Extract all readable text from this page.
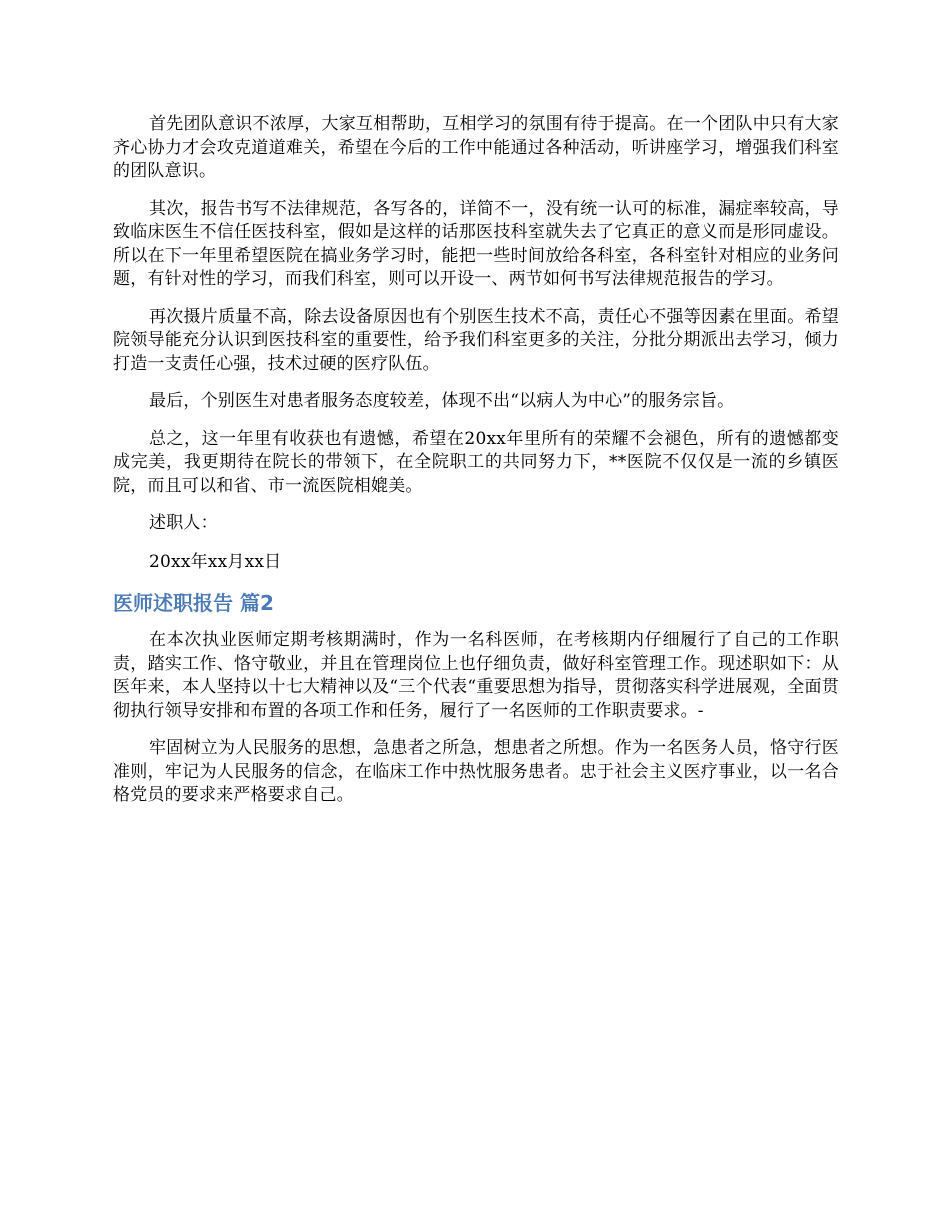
首先团队意识不浓厚，大家互相帮助，互相学习的氛围有待于提高。在一个团队中只有大家齐心协力才会攻克道道难关，希望在今后的工作中能通过各种活动，听讲座学习，增强我们科室的团队意识。

其次，报告书写不法律规范，各写各的，详简不一，没有统一认可的标准，漏症率较高，导致临床医生不信任医技科室，假如是这样的话那医技科室就失去了它真正的意义而是形同虚设。所以在下一年里希望医院在搞业务学习时，能把一些时间放给各科室，各科室针对相应的业务问题，有针对性的学习，而我们科室，则可以开设一、两节如何书写法律规范报告的学习。

再次摄片质量不高，除去设备原因也有个别医生技术不高，责任心不强等因素在里面。希望院领导能充分认识到医技科室的重要性，给予我们科室更多的关注，分批分期派出去学习，倾力打造一支责任心强，技术过硬的医疗队伍。

最后，个别医生对患者服务态度较差，体现不出“以病人为中心”的服务宗旨。

总之，这一年里有收获也有遗憾，希望在20xx年里所有的荣耀不会褪色，所有的遗憾都变成完美，我更期待在院长的带领下，在全院职工的共同努力下，**医院不仅仅是一流的乡镇医院，而且可以和省、市一流医院相媲美。

述职人：

20xx年xx月xx日

医师述职报告 篇2

在本次执业医师定期考核期满时，作为一名科医师，在考核期内仔细履行了自己的工作职责，踏实工作、恪守敬业，并且在管理岗位上也仔细负责，做好科室管理工作。现述职如下：从医年来，本人坚持以十七大精神以及“三个代表“重要思想为指导，贯彻落实科学进展观，全面贯彻执行领导安排和布置的各项工作和任务，履行了一名医师的工作职责要求。-

牢固树立为人民服务的思想，急患者之所急，想患者之所想。作为一名医务人员，恪守行医准则，牢记为人民服务的信念，在临床工作中热忱服务患者。忠于社会主义医疗事业，以一名合格党员的要求来严格要求自己。
